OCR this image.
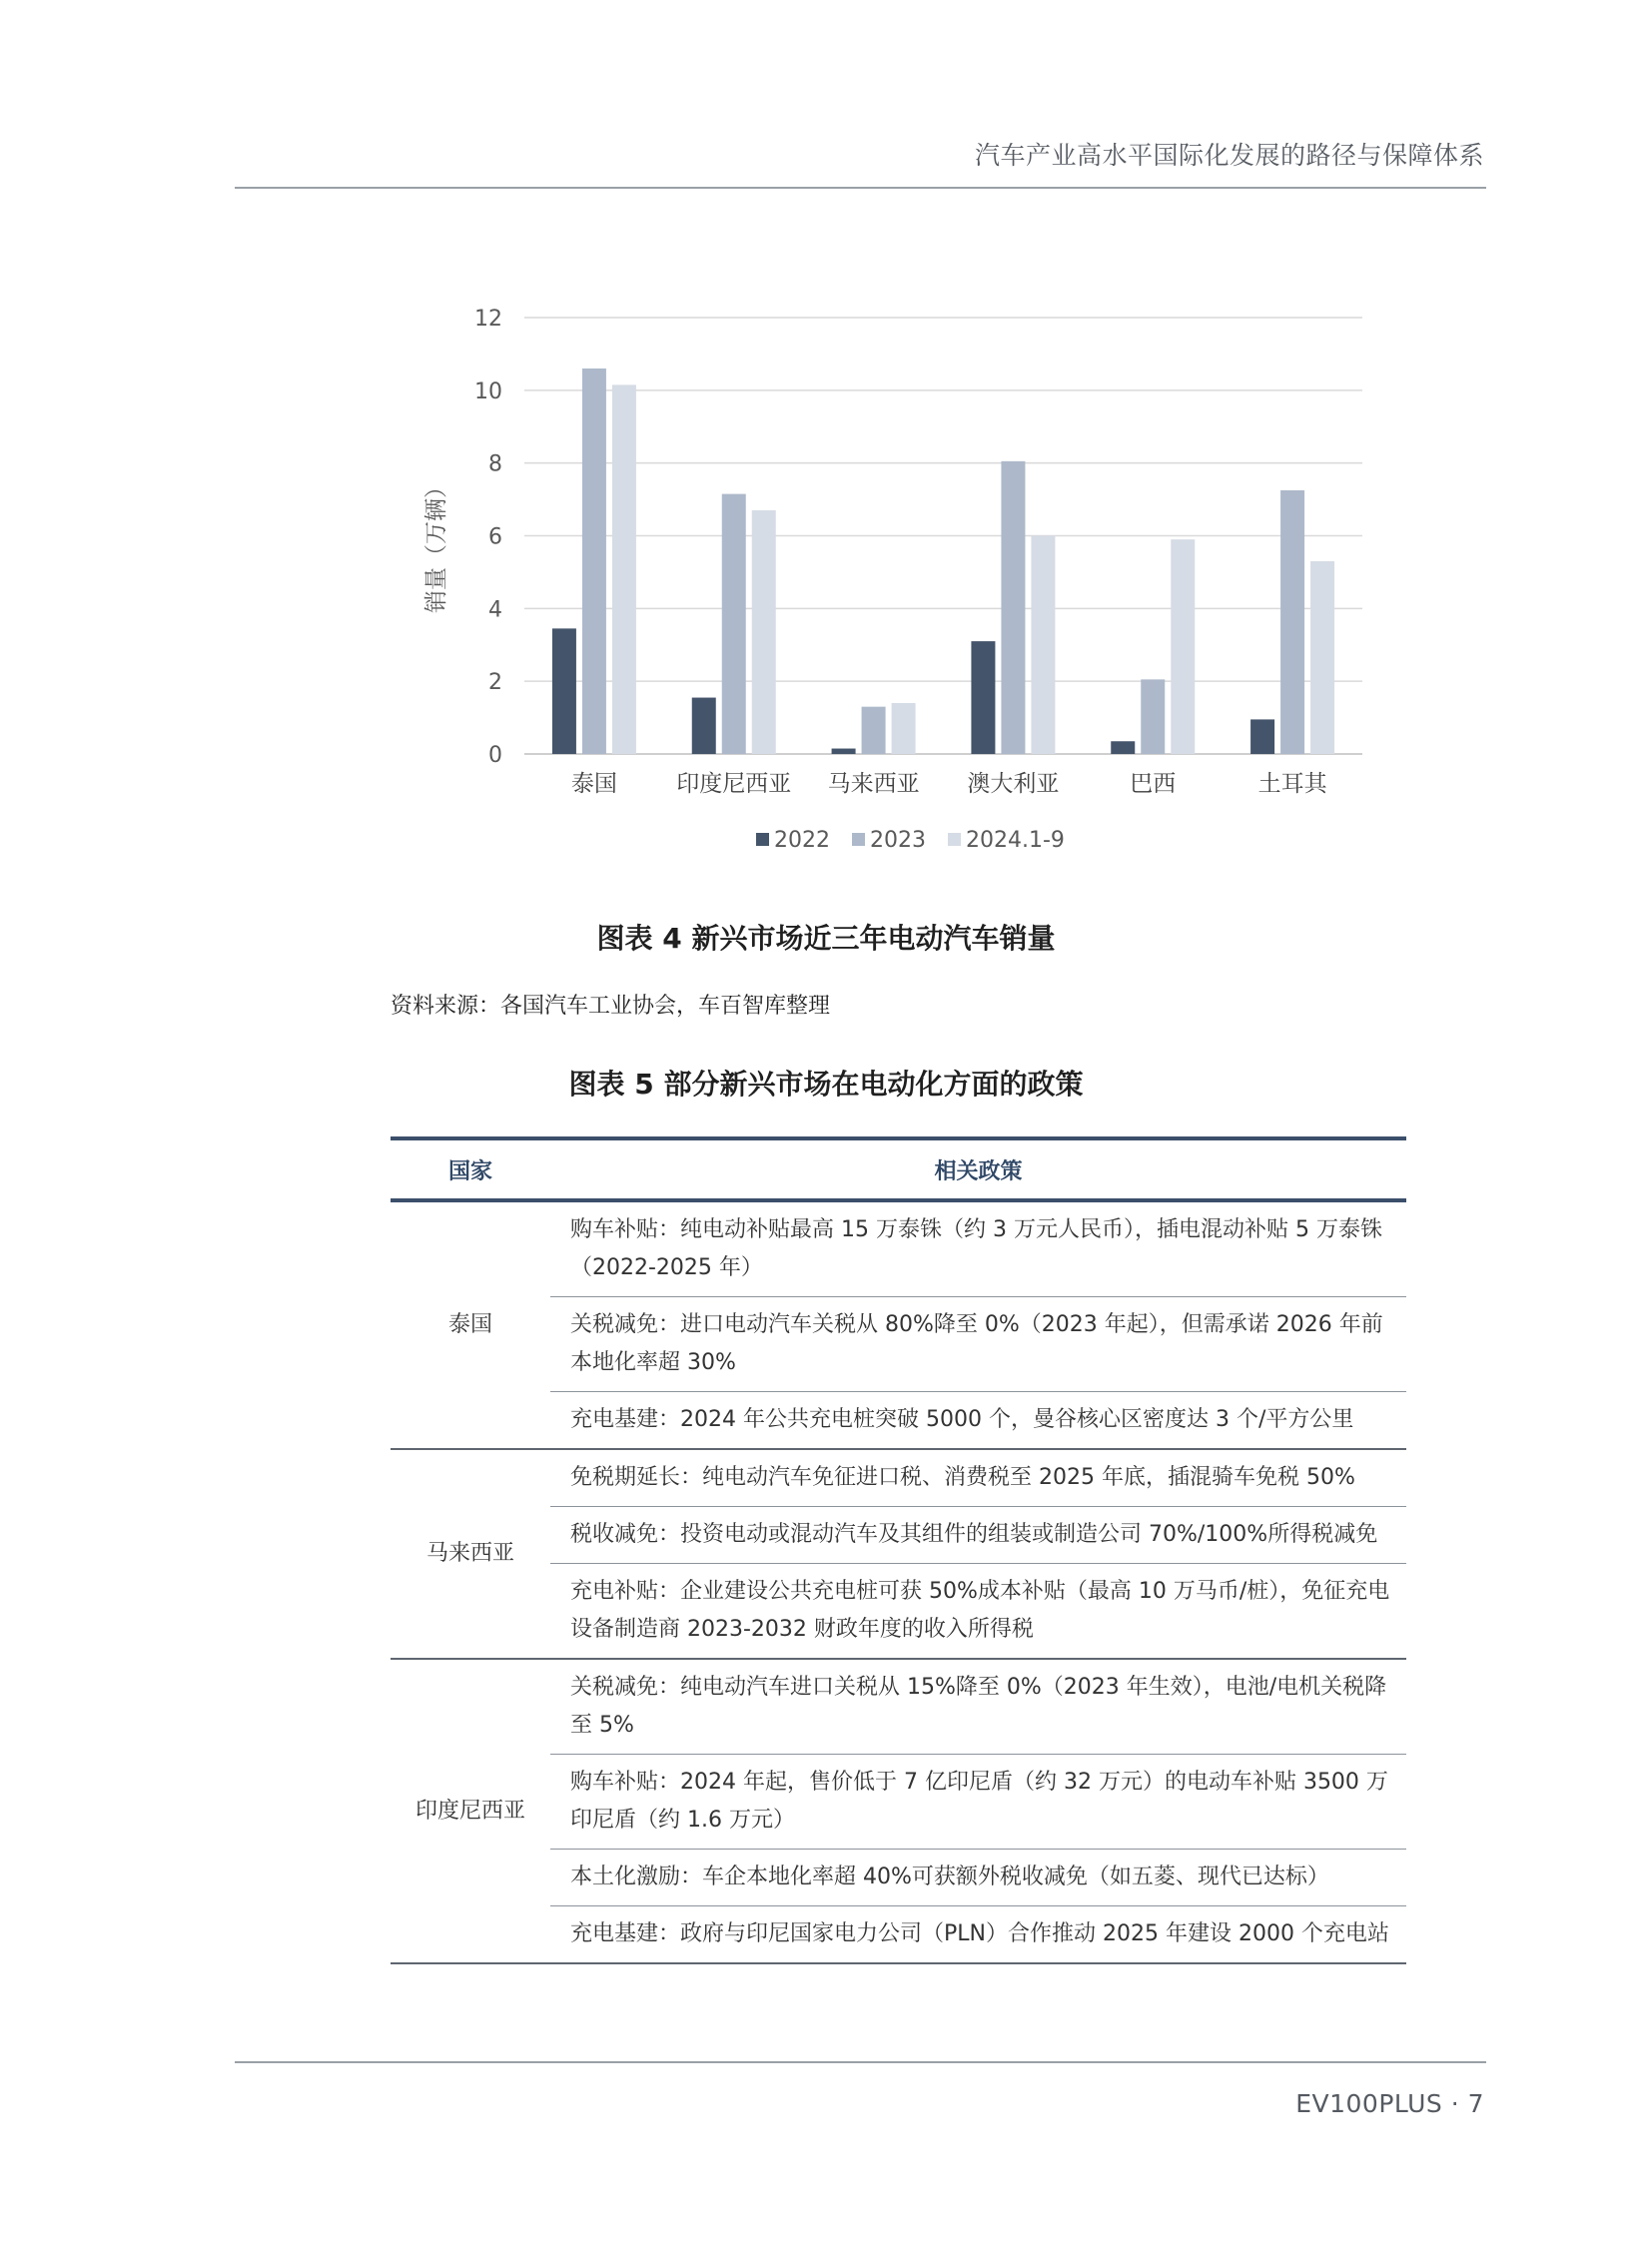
汽车产业高水平国际化发展的路径与保障体系
0
2
4
6
8
10
12
泰国	印度尼西亚 马来西亚 澳大利亚	巴西	土耳其
销量（万辆）
2022 2023 2024.1-9
图表 4 新兴市场近三年电动汽车销量
资料来源：各国汽车工业协会，车百智库整理
图表 5 部分新兴市场在电动化方面的政策
国家	相关政策
泰国	购车补贴：纯电动补贴最高 15 万泰铢（约 3 万元人民币），插电混动补贴 5 万泰铢（2022-2025 年）
	关税减免：进口电动汽车关税从 80%降至 0%（2023 年起），但需承诺 2026 年前本地化率超 30%
	充电基建：2024 年公共充电桩突破 5000 个，曼谷核心区密度达 3 个/平方公里
马来西亚	免税期延长：纯电动汽车免征进口税、消费税至 2025 年底，插混骑车免税 50%
	税收减免：投资电动或混动汽车及其组件的组装或制造公司 70%/100%所得税减免
	充电补贴：企业建设公共充电桩可获 50%成本补贴（最高 10 万马币/桩），免征充电设备制造商 2023-2032 财政年度的收入所得税
印度尼西亚	关税减免：纯电动汽车进口关税从 15%降至 0%（2023 年生效），电池/电机关税降至 5%
	购车补贴：2024 年起，售价低于 7 亿印尼盾（约 32 万元）的电动车补贴 3500 万印尼盾（约 1.6 万元）
	本土化激励：车企本地化率超 40%可获额外税收减免（如五菱、现代已达标）
	充电基建：政府与印尼国家电力公司（PLN）合作推动 2025 年建设 2000 个充电站
EV100PLUS · 7
